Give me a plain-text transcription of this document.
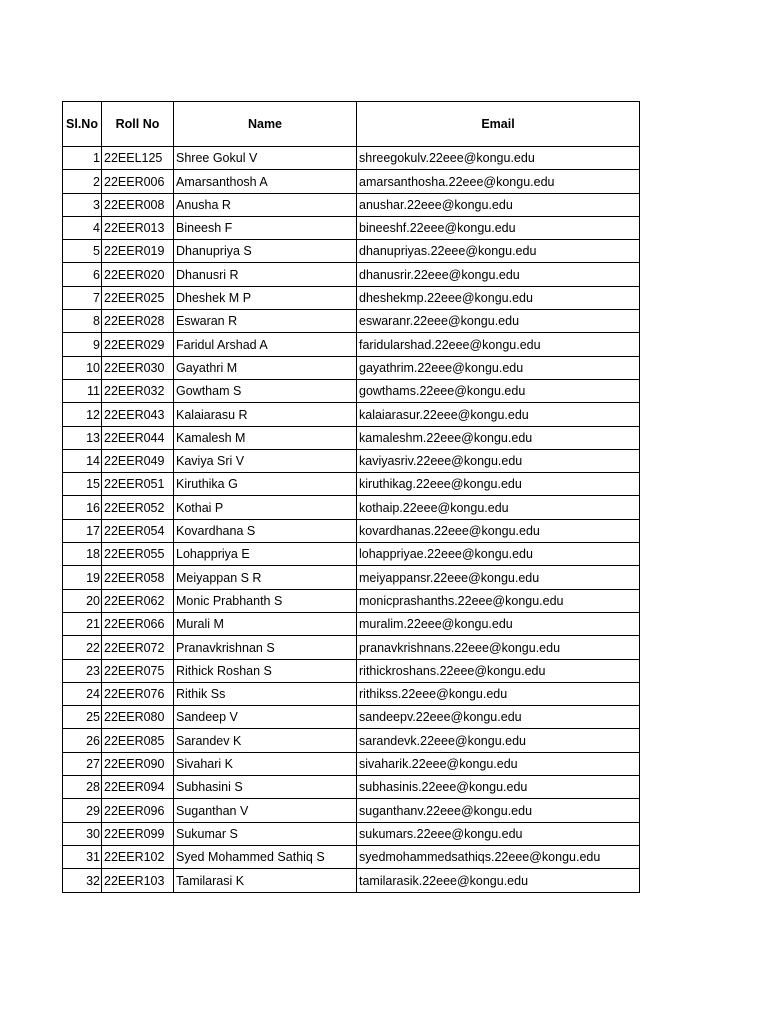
Sl.No	Roll No	Name	Email
1	22EEL125	Shree Gokul V	shreegokulv.22eee@kongu.edu
2	22EER006	Amarsanthosh A	amarsanthosha.22eee@kongu.edu
3	22EER008	Anusha R	anushar.22eee@kongu.edu
4	22EER013	Bineesh F	bineeshf.22eee@kongu.edu
5	22EER019	Dhanupriya S	dhanupriyas.22eee@kongu.edu
6	22EER020	Dhanusri R	dhanusrir.22eee@kongu.edu
7	22EER025	Dheshek M P	dheshekmp.22eee@kongu.edu
8	22EER028	Eswaran R	eswaranr.22eee@kongu.edu
9	22EER029	Faridul Arshad A	faridularshad.22eee@kongu.edu
10	22EER030	Gayathri M	gayathrim.22eee@kongu.edu
11	22EER032	Gowtham S	gowthams.22eee@kongu.edu
12	22EER043	Kalaiarasu R	kalaiarasur.22eee@kongu.edu
13	22EER044	Kamalesh M	kamaleshm.22eee@kongu.edu
14	22EER049	Kaviya Sri V	kaviyasriv.22eee@kongu.edu
15	22EER051	Kiruthika G	kiruthikag.22eee@kongu.edu
16	22EER052	Kothai P	kothaip.22eee@kongu.edu
17	22EER054	Kovardhana S	kovardhanas.22eee@kongu.edu
18	22EER055	Lohappriya E	lohappriyae.22eee@kongu.edu
19	22EER058	Meiyappan S R	meiyappansr.22eee@kongu.edu
20	22EER062	Monic Prabhanth S	monicprashanths.22eee@kongu.edu
21	22EER066	Murali M	muralim.22eee@kongu.edu
22	22EER072	Pranavkrishnan S	pranavkrishnans.22eee@kongu.edu
23	22EER075	Rithick Roshan S	rithickroshans.22eee@kongu.edu
24	22EER076	Rithik Ss	rithikss.22eee@kongu.edu
25	22EER080	Sandeep V	sandeepv.22eee@kongu.edu
26	22EER085	Sarandev K	sarandevk.22eee@kongu.edu
27	22EER090	Sivahari K	sivaharik.22eee@kongu.edu
28	22EER094	Subhasini S	subhasinis.22eee@kongu.edu
29	22EER096	Suganthan V	suganthanv.22eee@kongu.edu
30	22EER099	Sukumar S	sukumars.22eee@kongu.edu
31	22EER102	Syed Mohammed Sathiq S	syedmohammedsathiqs.22eee@kongu.edu
32	22EER103	Tamilarasi K	tamilarasik.22eee@kongu.edu
